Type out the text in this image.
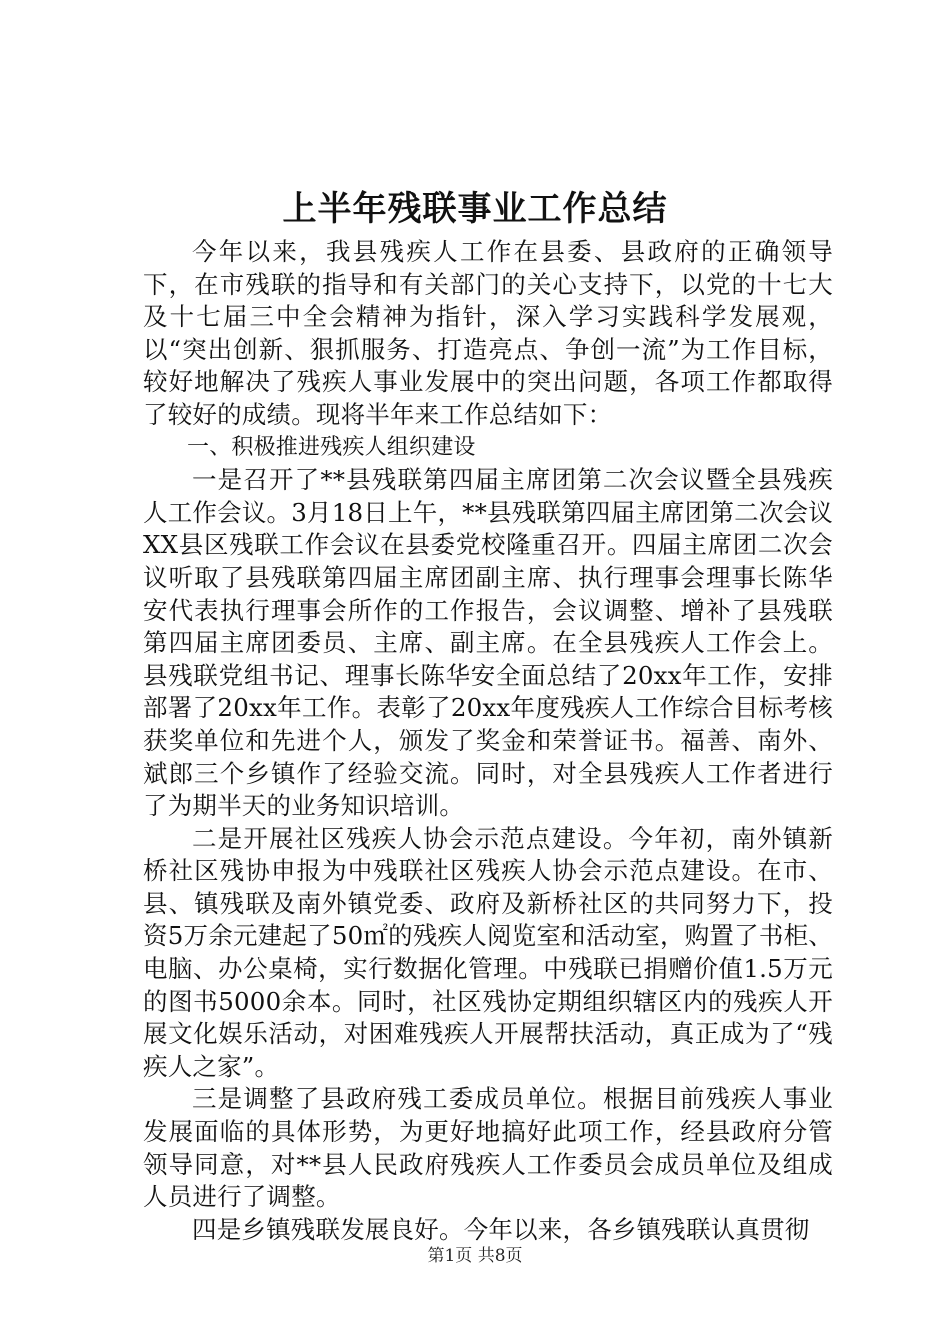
上半年残联事业工作总结

今年以来，我县残疾人工作在县委、县政府的正确领导下，在市残联的指导和有关部门的关心支持下，以党的十七大及十七届三中全会精神为指针，深入学习实践科学发展观，以“突出创新、狠抓服务、打造亮点、争创一流”为工作目标，较好地解决了残疾人事业发展中的突出问题，各项工作都取得了较好的成绩。现将半年来工作总结如下：

一、积极推进残疾人组织建设

一是召开了**县残联第四届主席团第二次会议暨全县残疾人工作会议。3月18日上午，**县残联第四届主席团第二次会议XX县区残联工作会议在县委党校隆重召开。四届主席团二次会议听取了县残联第四届主席团副主席、执行理事会理事长陈华安代表执行理事会所作的工作报告，会议调整、增补了县残联第四届主席团委员、主席、副主席。在全县残疾人工作会上。县残联党组书记、理事长陈华安全面总结了20xx年工作，安排部署了20xx年工作。表彰了20xx年度残疾人工作综合目标考核获奖单位和先进个人，颁发了奖金和荣誉证书。福善、南外、斌郎三个乡镇作了经验交流。同时，对全县残疾人工作者进行了为期半天的业务知识培训。

二是开展社区残疾人协会示范点建设。今年初，南外镇新桥社区残协申报为中残联社区残疾人协会示范点建设。在市、县、镇残联及南外镇党委、政府及新桥社区的共同努力下，投资5万余元建起了50㎡的残疾人阅览室和活动室，购置了书柜、电脑、办公桌椅，实行数据化管理。中残联已捐赠价值1.5万元的图书5000余本。同时，社区残协定期组织辖区内的残疾人开展文化娱乐活动，对困难残疾人开展帮扶活动，真正成为了“残疾人之家”。

三是调整了县政府残工委成员单位。根据目前残疾人事业发展面临的具体形势，为更好地搞好此项工作，经县政府分管领导同意，对**县人民政府残疾人工作委员会成员单位及组成人员进行了调整。

四是乡镇残联发展良好。今年以来，各乡镇残联认真贯彻

第1页 共8页
